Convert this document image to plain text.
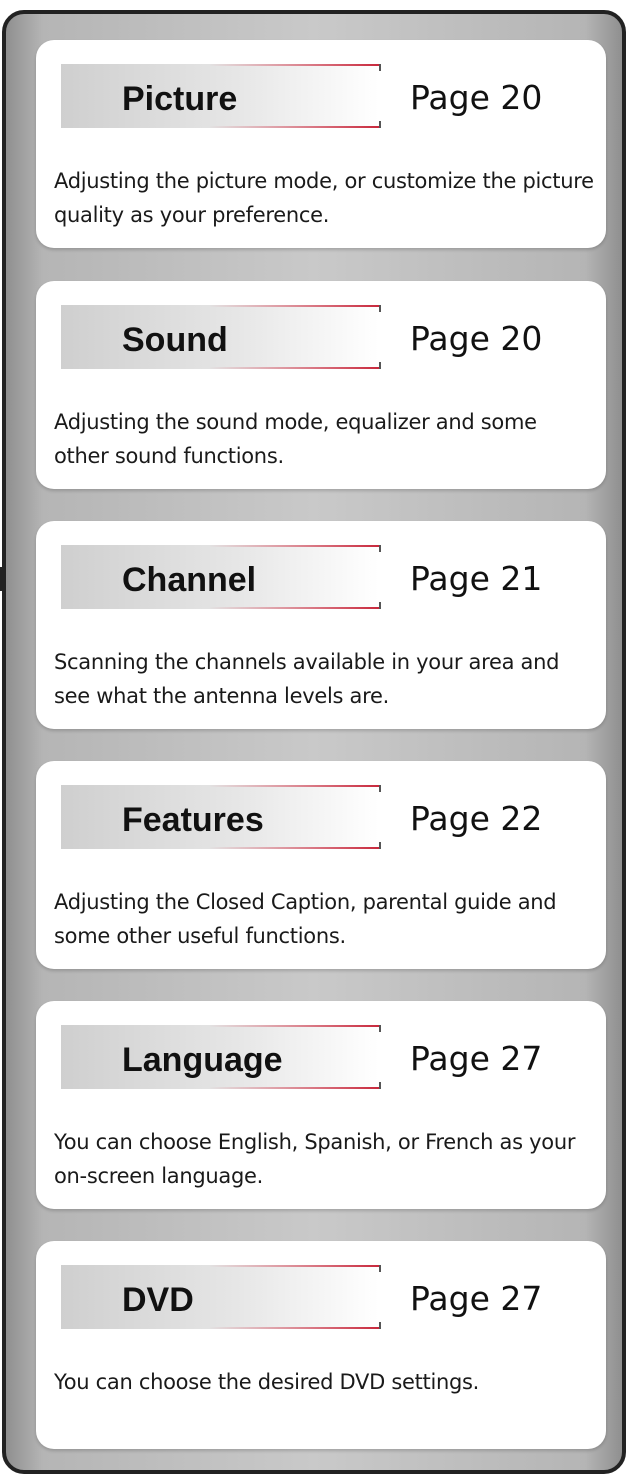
Picture	Page 20
Adjusting the picture mode, or customize the picture quality as your preference.
Sound	Page 20
Adjusting the sound mode, equalizer and some other sound functions.
Channel	Page 21
Scanning the channels available in your area and see what the antenna levels are.
Features	Page 22
Adjusting the Closed Caption, parental guide and some other useful functions.
Language	Page 27
You can choose English, Spanish, or French as your on-screen language.
DVD	Page 27
You can choose the desired DVD settings.
